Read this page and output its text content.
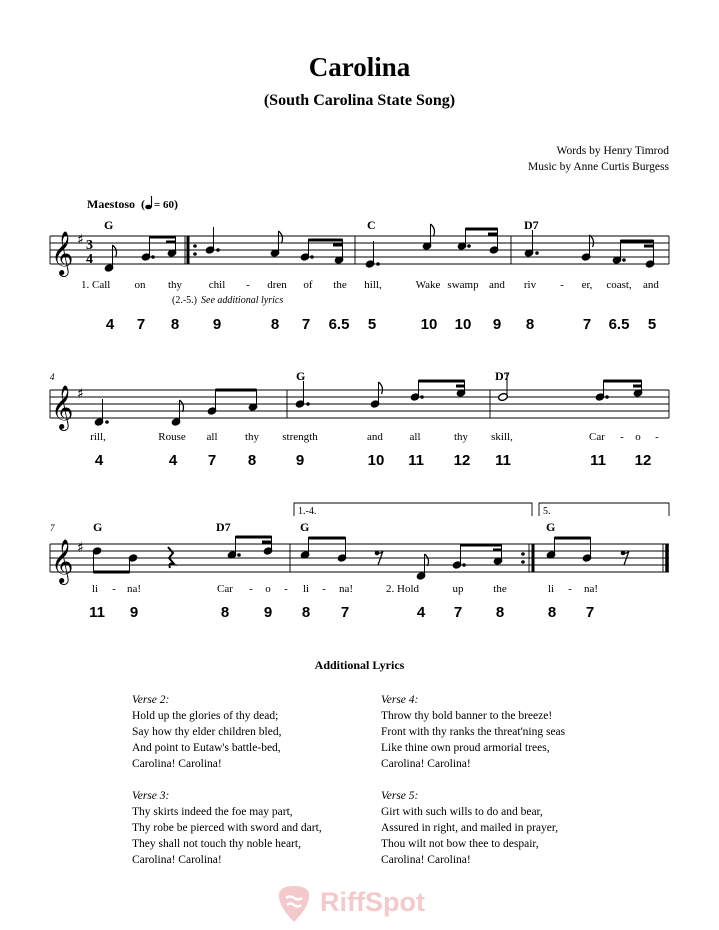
Carolina
(South Carolina State Song)
Words by Henry Timrod
Music by Anne Curtis Burgess
Maestoso  ( = 60)
𝄞 ♯ 3
4
𝄞 ♯
𝄞 ♯
G	C	D7
1. Call on thy chil - dren of the hill,	Wake swamp and riv - er, coast, and
(2.-5.) See additional lyrics
4 7 8 9	8 7 6.5 5	10 10 9 8	7 6.5 5
4	G	D7
rill,	Rouse all thy strength	and all	thy skill,	Car - o -
4	4 7 8	9	10 11 12 11	11 12
7
1.-4.	5.
G	D7	G	G
li - na!	Car - o - li - na!	2. Hold	up	the	li - na!
11 9	8 9 8 7	4 7 8	8 7
Additional Lyrics
Verse 2:
Hold up the glories of thy dead;
Say how thy elder children bled,
And point to Eutaw's battle-bed,
Carolina! Carolina!
Verse 3:
Thy skirts indeed the foe may part,
Thy robe be pierced with sword and dart,
They shall not touch thy noble heart,
Carolina! Carolina!
Verse 4:
Throw thy bold banner to the breeze!
Front with thy ranks the threat'ning seas
Like thine own proud armorial trees,
Carolina! Carolina!
Verse 5:
Girt with such wills to do and bear,
Assured in right, and mailed in prayer,
Thou wilt not bow thee to despair,
Carolina! Carolina!
RiffSpot
